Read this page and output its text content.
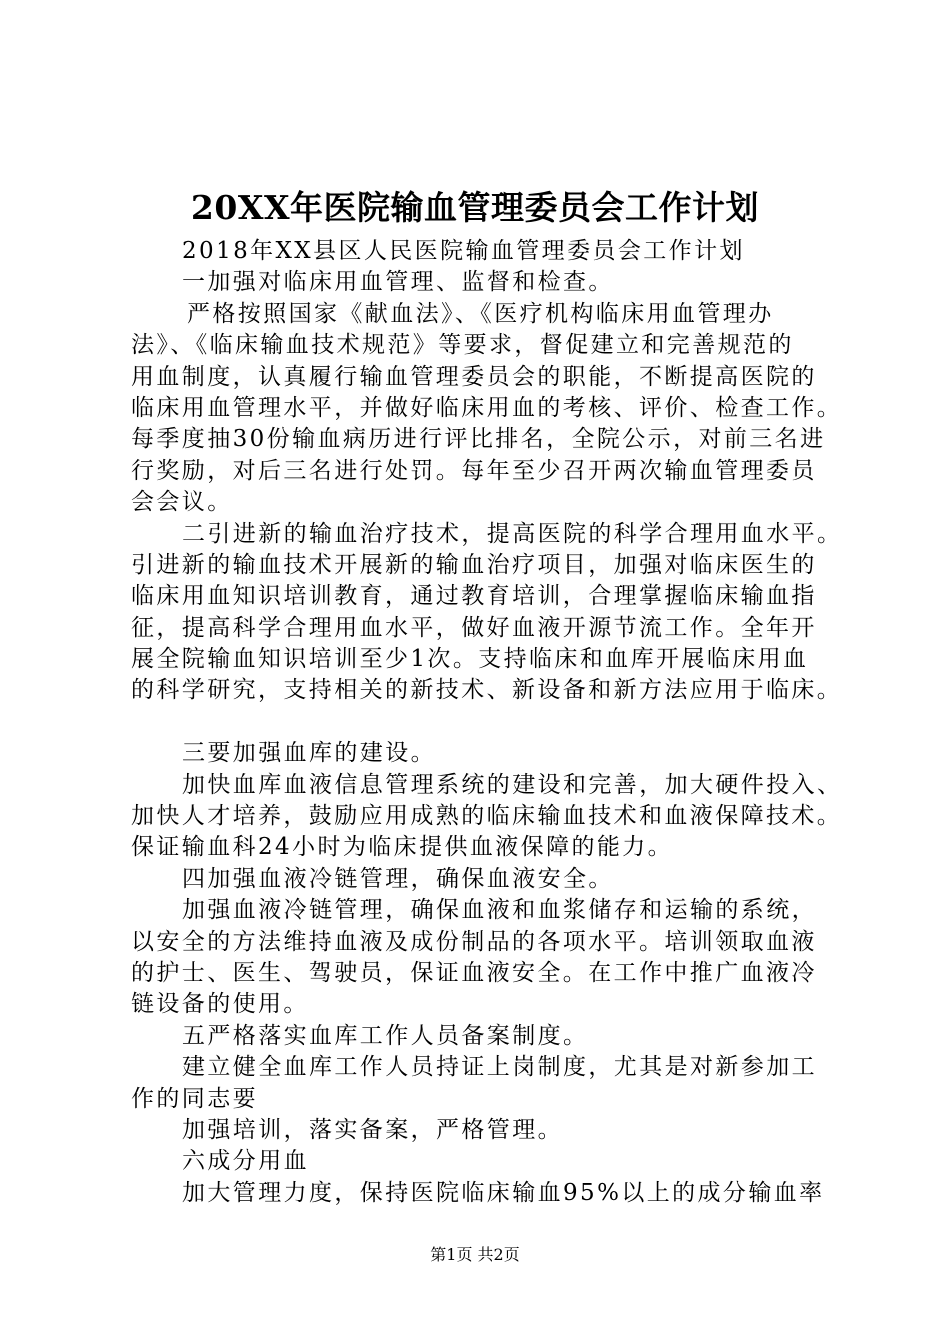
20XX年医院输血管理委员会工作计划
2018年XX县区人民医院输血管理委员会工作计划
一加强对临床用血管理、监督和检查。
严格按照国家《献血法》、《医疗机构临床用血管理办
法》、《临床输血技术规范》等要求，督促建立和完善规范的
用血制度，认真履行输血管理委员会的职能，不断提高医院的
临床用血管理水平，并做好临床用血的考核、评价、检查工作。
每季度抽30份输血病历进行评比排名，全院公示，对前三名进
行奖励，对后三名进行处罚。每年至少召开两次输血管理委员
会会议。
二引进新的输血治疗技术，提高医院的科学合理用血水平。
引进新的输血技术开展新的输血治疗项目，加强对临床医生的
临床用血知识培训教育，通过教育培训，合理掌握临床输血指
征，提高科学合理用血水平，做好血液开源节流工作。全年开
展全院输血知识培训至少1次。支持临床和血库开展临床用血
的科学研究，支持相关的新技术、新设备和新方法应用于临床。
三要加强血库的建设。
加快血库血液信息管理系统的建设和完善，加大硬件投入、
加快人才培养，鼓励应用成熟的临床输血技术和血液保障技术。
保证输血科24小时为临床提供血液保障的能力。
四加强血液冷链管理，确保血液安全。
加强血液冷链管理，确保血液和血浆储存和运输的系统，
以安全的方法维持血液及成份制品的各项水平。培训领取血液
的护士、医生、驾驶员，保证血液安全。在工作中推广血液冷
链设备的使用。
五严格落实血库工作人员备案制度。
建立健全血库工作人员持证上岗制度，尤其是对新参加工
作的同志要
加强培训，落实备案，严格管理。
六成分用血
加大管理力度，保持医院临床输血95%以上的成分输血率
第1页 共2页
